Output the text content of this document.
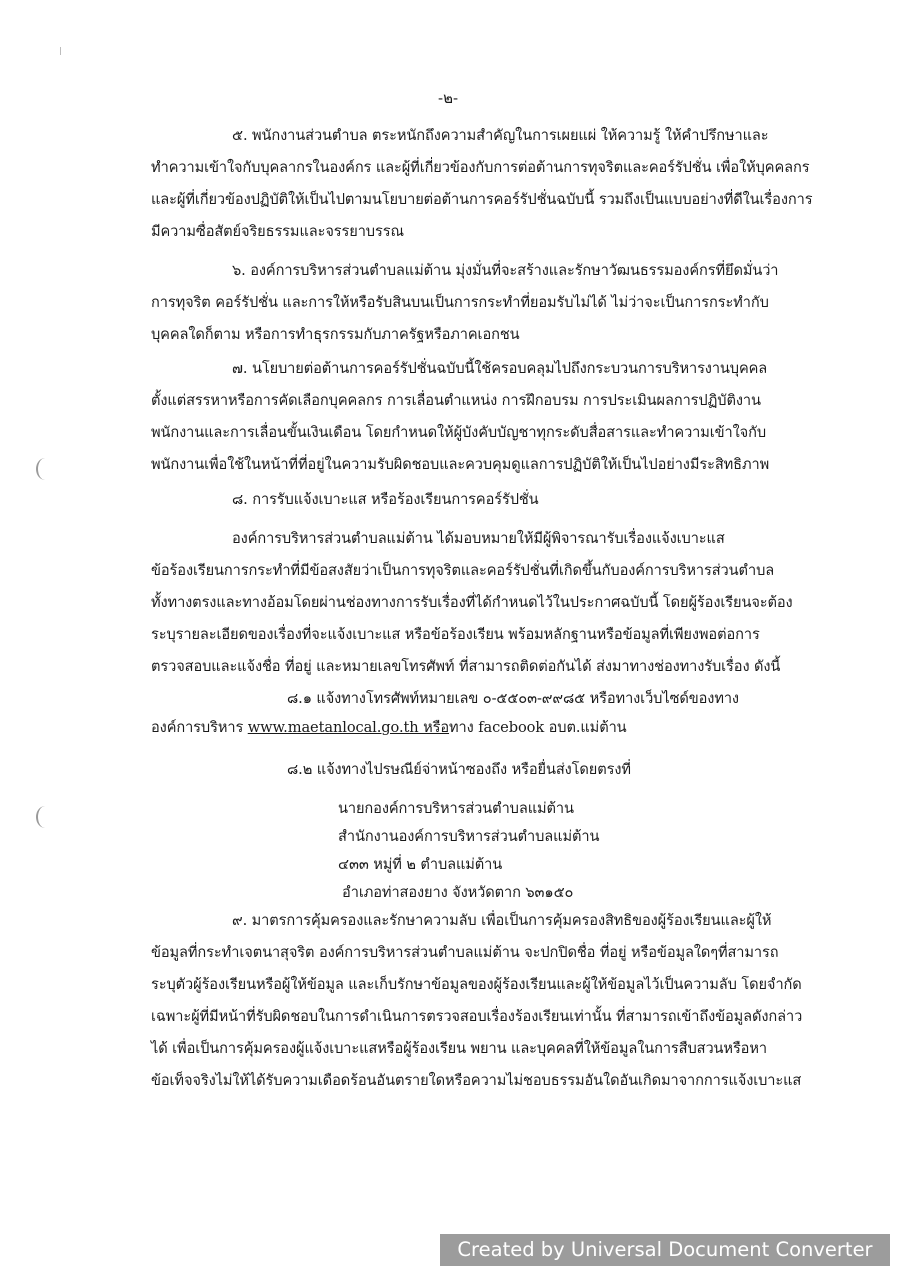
-๒-
๕. พนักงานส่วนตำบล ตระหนักถึงความสำคัญในการเผยแผ่ ให้ความรู้ ให้คำปรึกษาและ
ทำความเข้าใจกับบุคลากรในองค์กร และผู้ที่เกี่ยวข้องกับการต่อต้านการทุจริตและคอร์รัปชั่น เพื่อให้บุคคลกร
และผู้ที่เกี่ยวข้องปฏิบัติให้เป็นไปตามนโยบายต่อต้านการคอร์รัปชั่นฉบับนี้ รวมถึงเป็นแบบอย่างที่ดีในเรื่องการ
มีความซื่อสัตย์จริยธรรมและจรรยาบรรณ
๖. องค์การบริหารส่วนตำบลแม่ต้าน มุ่งมั่นที่จะสร้างและรักษาวัฒนธรรมองค์กรที่ยึดมั่นว่า
การทุจริต คอร์รัปชั่น และการให้หรือรับสินบนเป็นการกระทำที่ยอมรับไม่ได้ ไม่ว่าจะเป็นการกระทำกับ
บุคคลใดก็ตาม หรือการทำธุรกรรมกับภาครัฐหรือภาคเอกชน
๗. นโยบายต่อต้านการคอร์รัปชั่นฉบับนี้ใช้ครอบคลุมไปถึงกระบวนการบริหารงานบุคคล
ตั้งแต่สรรหาหรือการคัดเลือกบุคคลกร การเลื่อนตำแหน่ง การฝึกอบรม การประเมินผลการปฏิบัติงาน
พนักงานและการเลื่อนขั้นเงินเดือน โดยกำหนดให้ผู้บังคับบัญชาทุกระดับสื่อสารและทำความเข้าใจกับ
พนักงานเพื่อใช้ในหน้าที่ที่อยู่ในความรับผิดชอบและควบคุมดูแลการปฏิบัติให้เป็นไปอย่างมีระสิทธิภาพ
๘. การรับแจ้งเบาะแส หรือร้องเรียนการคอร์รัปชั่น
องค์การบริหารส่วนตำบลแม่ต้าน ได้มอบหมายให้มีผู้พิจารณารับเรื่องแจ้งเบาะแส
ข้อร้องเรียนการกระทำที่มีข้อสงสัยว่าเป็นการทุจริตและคอร์รัปชั่นที่เกิดขึ้นกับองค์การบริหารส่วนตำบล
ทั้งทางตรงและทางอ้อมโดยผ่านช่องทางการรับเรื่องที่ได้กำหนดไว้ในประกาศฉบับนี้ โดยผู้ร้องเรียนจะต้อง
ระบุรายละเอียดของเรื่องที่จะแจ้งเบาะแส หรือข้อร้องเรียน พร้อมหลักฐานหรือข้อมูลที่เพียงพอต่อการ
ตรวจสอบและแจ้งชื่อ ที่อยู่ และหมายเลขโทรศัพท์ ที่สามารถติดต่อกันได้ ส่งมาทางช่องทางรับเรื่อง ดังนี้
๘.๑ แจ้งทางโทรศัพท์หมายเลข ๐-๕๕๐๓-๙๙๘๕ หรือทางเว็บไซด์ของทาง
องค์การบริหาร www.maetanlocal.go.th หรือทาง facebook อบต.แม่ต้าน
๘.๒ แจ้งทางไปรษณีย์จ่าหน้าซองถึง หรือยื่นส่งโดยตรงที่
นายกองค์การบริหารส่วนตำบลแม่ต้าน
สำนักงานองค์การบริหารส่วนตำบลแม่ต้าน
๔๓๓ หมู่ที่ ๒ ตำบลแม่ต้าน
อำเภอท่าสองยาง จังหวัดตาก ๖๓๑๕๐
๙. มาตรการคุ้มครองและรักษาความลับ เพื่อเป็นการคุ้มครองสิทธิของผู้ร้องเรียนและผู้ให้
ข้อมูลที่กระทำเจตนาสุจริต องค์การบริหารส่วนตำบลแม่ต้าน จะปกปิดชื่อ ที่อยู่ หรือข้อมูลใดๆที่สามารถ
ระบุตัวผู้ร้องเรียนหรือผู้ให้ข้อมูล และเก็บรักษาข้อมูลของผู้ร้องเรียนและผู้ให้ข้อมูลไว้เป็นความลับ โดยจำกัด
เฉพาะผู้ที่มีหน้าที่รับผิดชอบในการดำเนินการตรวจสอบเรื่องร้องเรียนเท่านั้น ที่สามารถเข้าถึงข้อมูลดังกล่าว
ได้ เพื่อเป็นการคุ้มครองผู้แจ้งเบาะแสหรือผู้ร้องเรียน พยาน และบุคคลที่ให้ข้อมูลในการสืบสวนหรือหา
ข้อเท็จจริงไม่ให้ได้รับความเดือดร้อนอันตรายใดหรือความไม่ชอบธรรมอันใดอันเกิดมาจากการแจ้งเบาะแส
Created by Universal Document Converter
